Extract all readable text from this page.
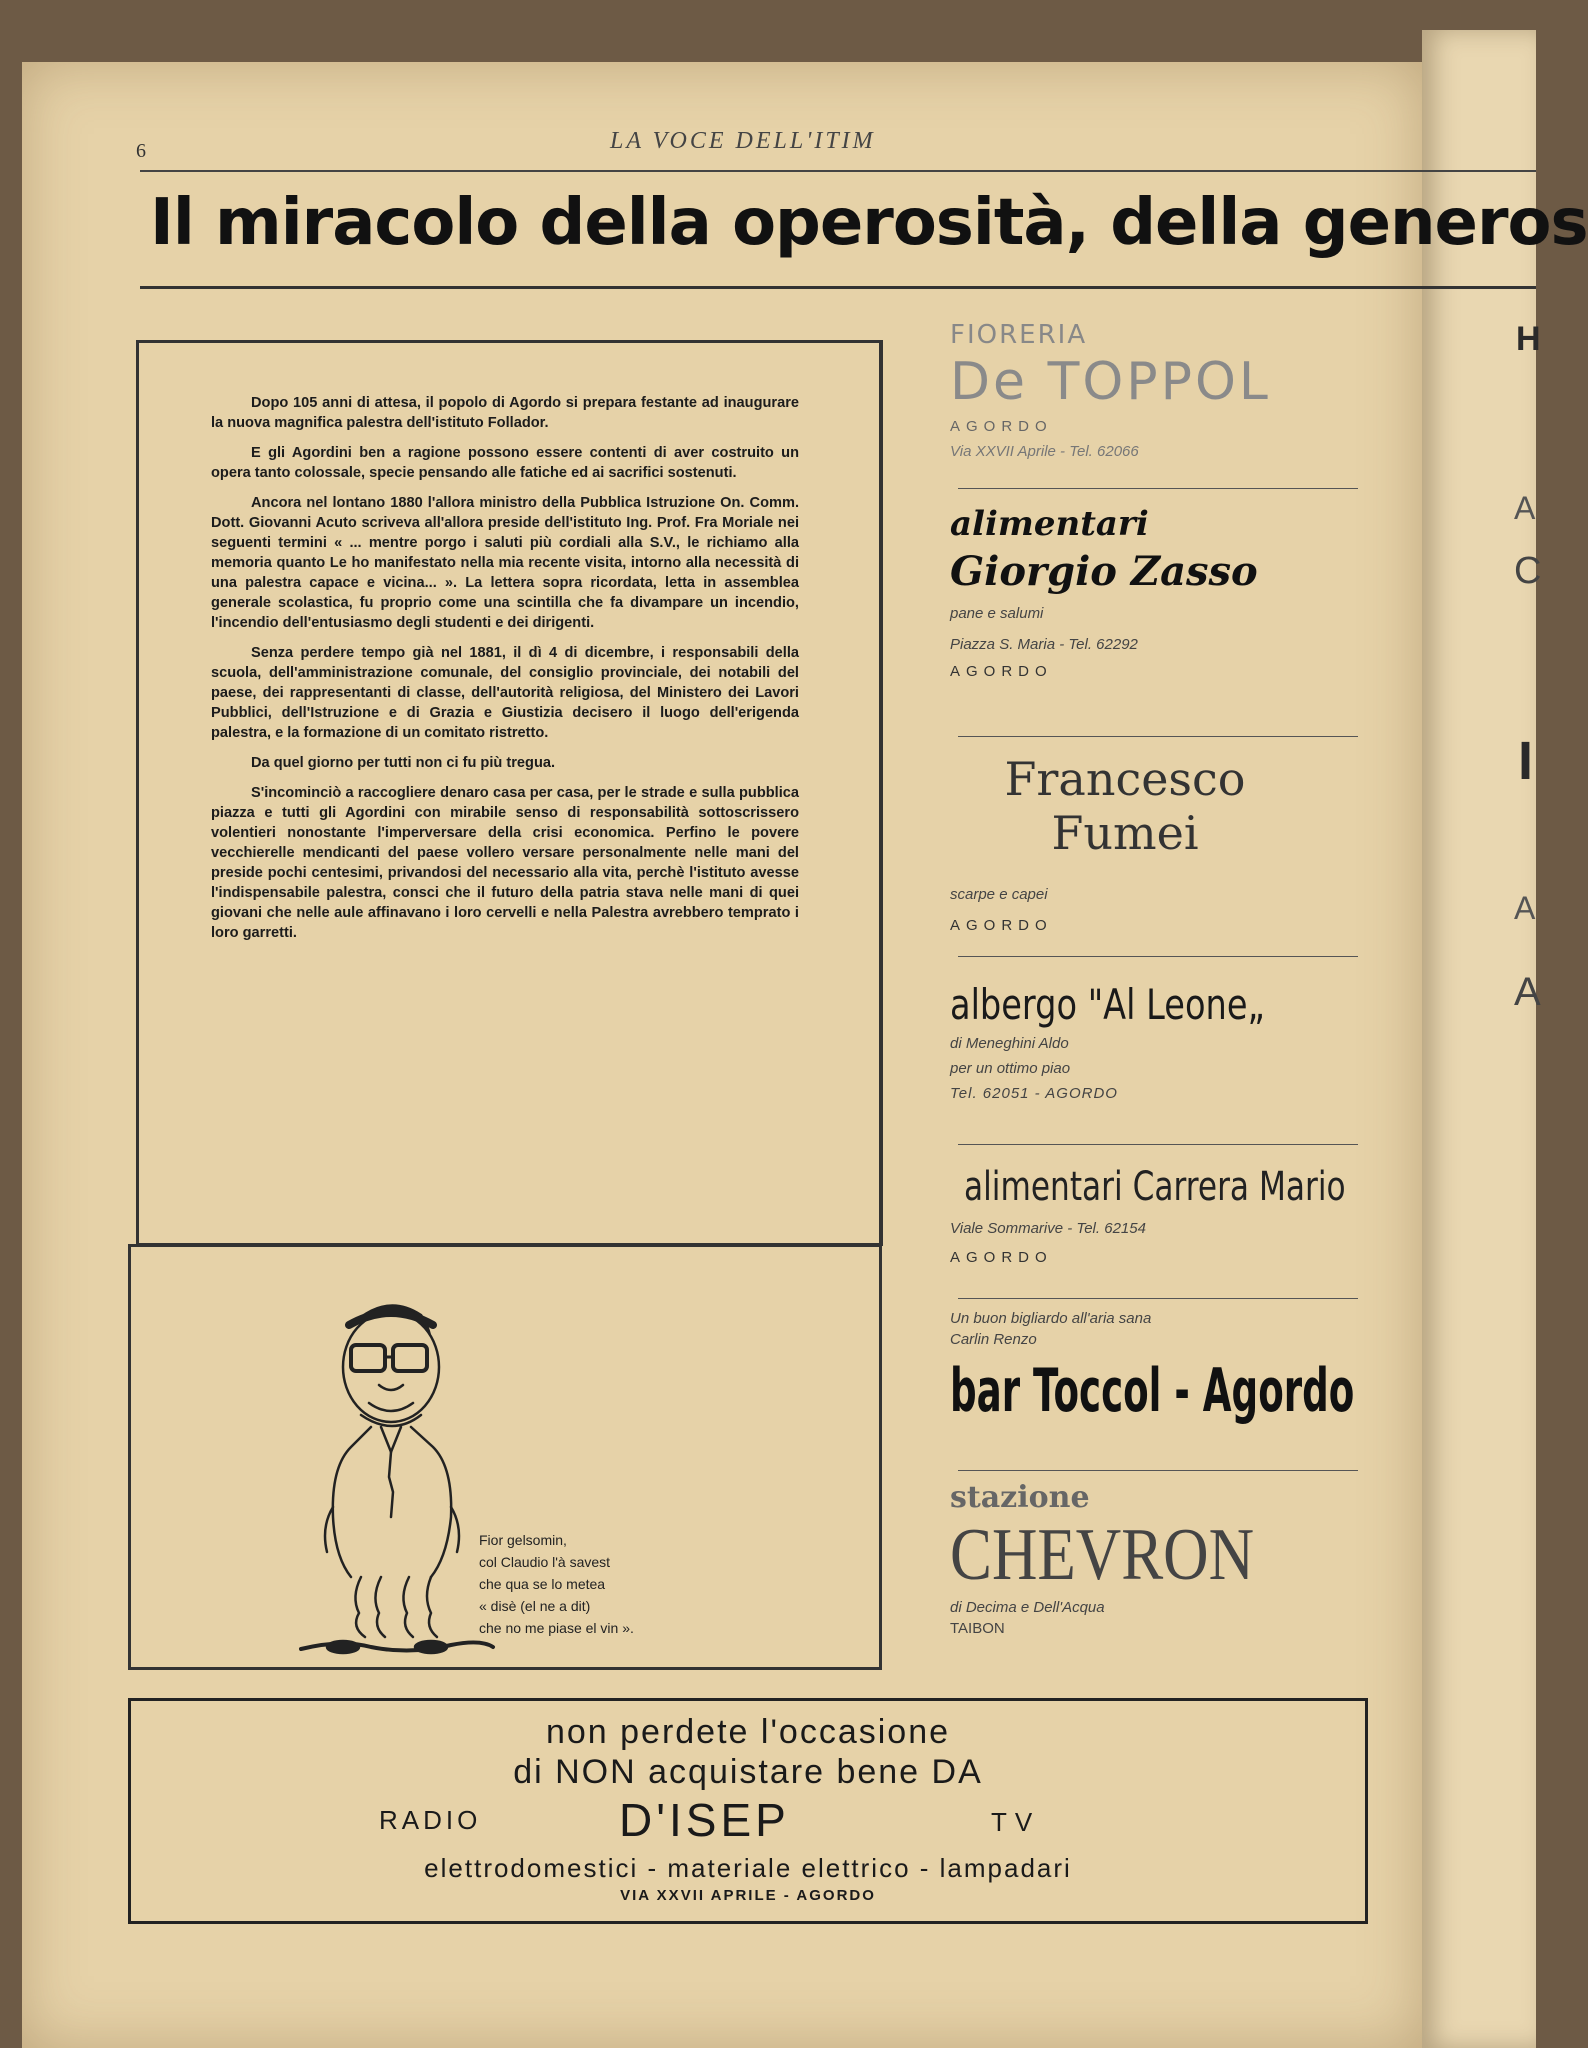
H
A
C
I
A
A
6	LA VOCE DELL'ITIM
Il miracolo della operosità, della generos

Dopo 105 anni di attesa, il popolo di Agordo si prepara festante ad inaugurare la nuova magnifica palestra dell'istituto Follador.

E gli Agordini ben a ragione possono essere contenti di aver costruito un opera tanto colossale, specie pensando alle fatiche ed ai sacrifici sostenuti.

Ancora nel lontano 1880 l'allora ministro della Pubblica Istruzione On. Comm. Dott. Giovanni Acuto scriveva all'allora preside dell'istituto Ing. Prof. Fra Moriale nei seguenti termini « ... mentre porgo i saluti più cordiali alla S.V., le richiamo alla memoria quanto Le ho manifestato nella mia recente visita, intorno alla necessità di una palestra capace e vicina... ». La lettera sopra ricordata, letta in assemblea generale scolastica, fu proprio come una scintilla che fa divampare un incendio, l'incendio dell'entusiasmo degli studenti e dei dirigenti.

Senza perdere tempo già nel 1881, il dì 4 di dicembre, i responsabili della scuola, dell'amministrazione comunale, del consiglio provinciale, dei notabili del paese, dei rappresentanti di classe, dell'autorità religiosa, del Ministero dei Lavori Pubblici, dell'Istruzione e di Grazia e Giustizia decisero il luogo dell'erigenda palestra, e la formazione di un comitato ristretto.

Da quel giorno per tutti non ci fu più tregua.

S'incominciò a raccogliere denaro casa per casa, per le strade e sulla pubblica piazza e tutti gli Agordini con mirabile senso di responsabilità sottoscrissero volentieri nonostante l'imperversare della crisi economica. Perfino le povere vecchierelle mendicanti del paese vollero versare personalmente nelle mani del preside pochi centesimi, privandosi del necessario alla vita, perchè l'istituto avesse l'indispensabile palestra, consci che il futuro della patria stava nelle mani di quei giovani che nelle aule affinavano i loro cervelli e nella Palestra avrebbero temprato i loro garretti.

Fior gelsomin,
col Claudio l'à savest
che qua se lo metea
« disè (el ne a dit)
che no me piase el vin ».
FIORERIA
De TOPPOL
AGORDO
Via XXVII Aprile - Tel. 62066
alimentari
Giorgio Zasso
pane e salumi
Piazza S. Maria - Tel. 62292
AGORDO
Francesco
Fumei
scarpe e capei
AGORDO
albergo "Al Leone„
di Meneghini Aldo
per un ottimo piao
Tel. 62051 - AGORDO
alimentari Carrera Mario
Viale Sommarive - Tel. 62154
AGORDO
Un buon bigliardo all'aria sana
Carlin Renzo
bar Toccol - Agordo
stazione
CHEVRON
di Decima e Dell'Acqua
TAIBON
non perdete l'occasione
di NON acquistare bene DA
RADIO	D'ISEP	TV
elettrodomestici - materiale elettrico - lampadari
VIA XXVII APRILE - AGORDO
